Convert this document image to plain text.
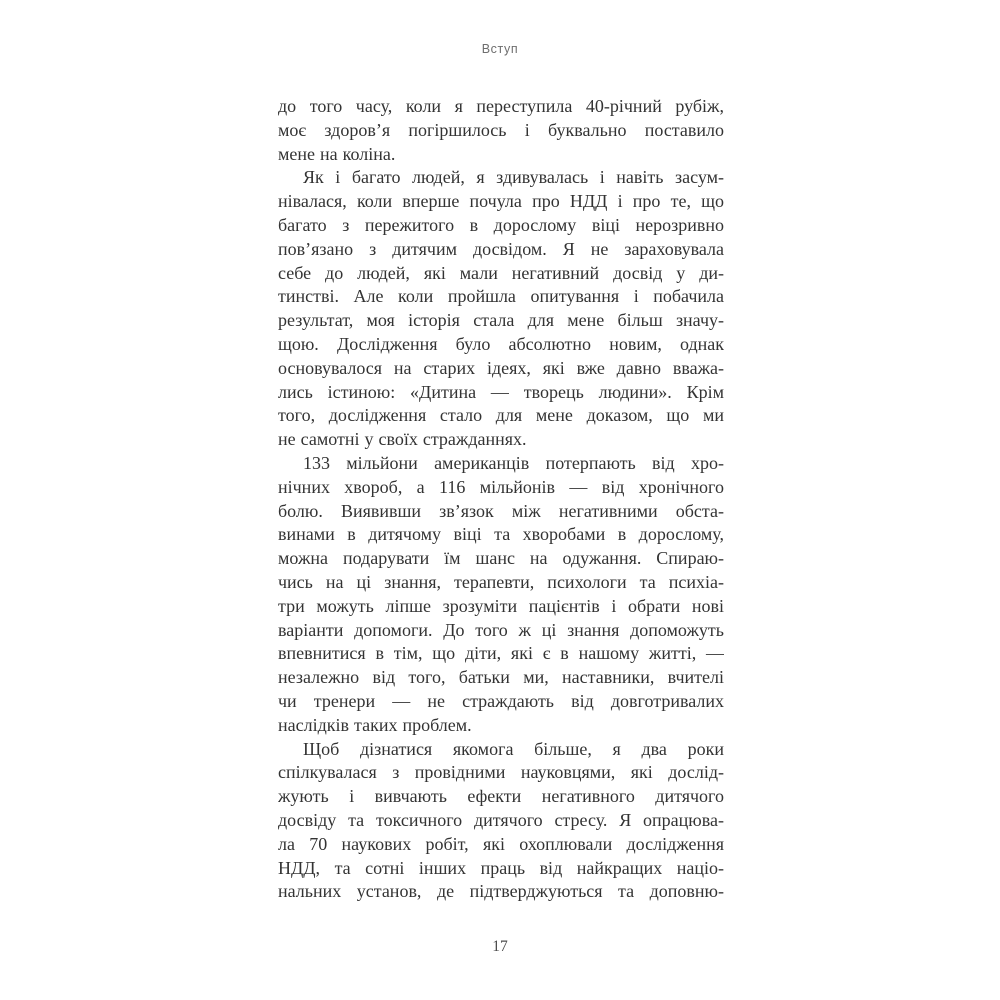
Вступ
до того часу, коли я переступила 40-річний рубіж,
моє здоров’я погіршилось і буквально поставило
мене на коліна.
Як і багато людей, я здивувалась і навіть засум-
нівалася, коли вперше почула про НДД і про те, що
багато з пережитого в дорослому віці нерозривно
пов’язано з дитячим досвідом. Я не зараховувала
себе до людей, які мали негативний досвід у ди-
тинстві. Але коли пройшла опитування і побачила
результат, моя історія стала для мене більш значу-
щою. Дослідження було абсолютно новим, однак
основувалося на старих ідеях, які вже давно вважа-
лись істиною: «Дитина — творець людини». Крім
того, дослідження стало для мене доказом, що ми
не самотні у своїх стражданнях.
133 мільйони американців потерпають від хро-
нічних хвороб, а 116 мільйонів — від хронічного
болю. Виявивши зв’язок між негативними обста-
винами в дитячому віці та хворобами в дорослому,
можна подарувати їм шанс на одужання. Спираю-
чись на ці знання, терапевти, психологи та психіа-
три можуть ліпше зрозуміти пацієнтів і обрати нові
варіанти допомоги. До того ж ці знання допоможуть
впевнитися в тім, що діти, які є в нашому житті, —
незалежно від того, батьки ми, наставники, вчителі
чи тренери — не страждають від довготривалих
наслідків таких проблем.
Щоб дізнатися якомога більше, я два роки
спілкувалася з провідними науковцями, які дослід-
жують і вивчають ефекти негативного дитячого
досвіду та токсичного дитячого стресу. Я опрацюва-
ла 70 наукових робіт, які охоплювали дослідження
НДД, та сотні інших праць від найкращих націо-
нальних установ, де підтверджуються та доповню-
17
